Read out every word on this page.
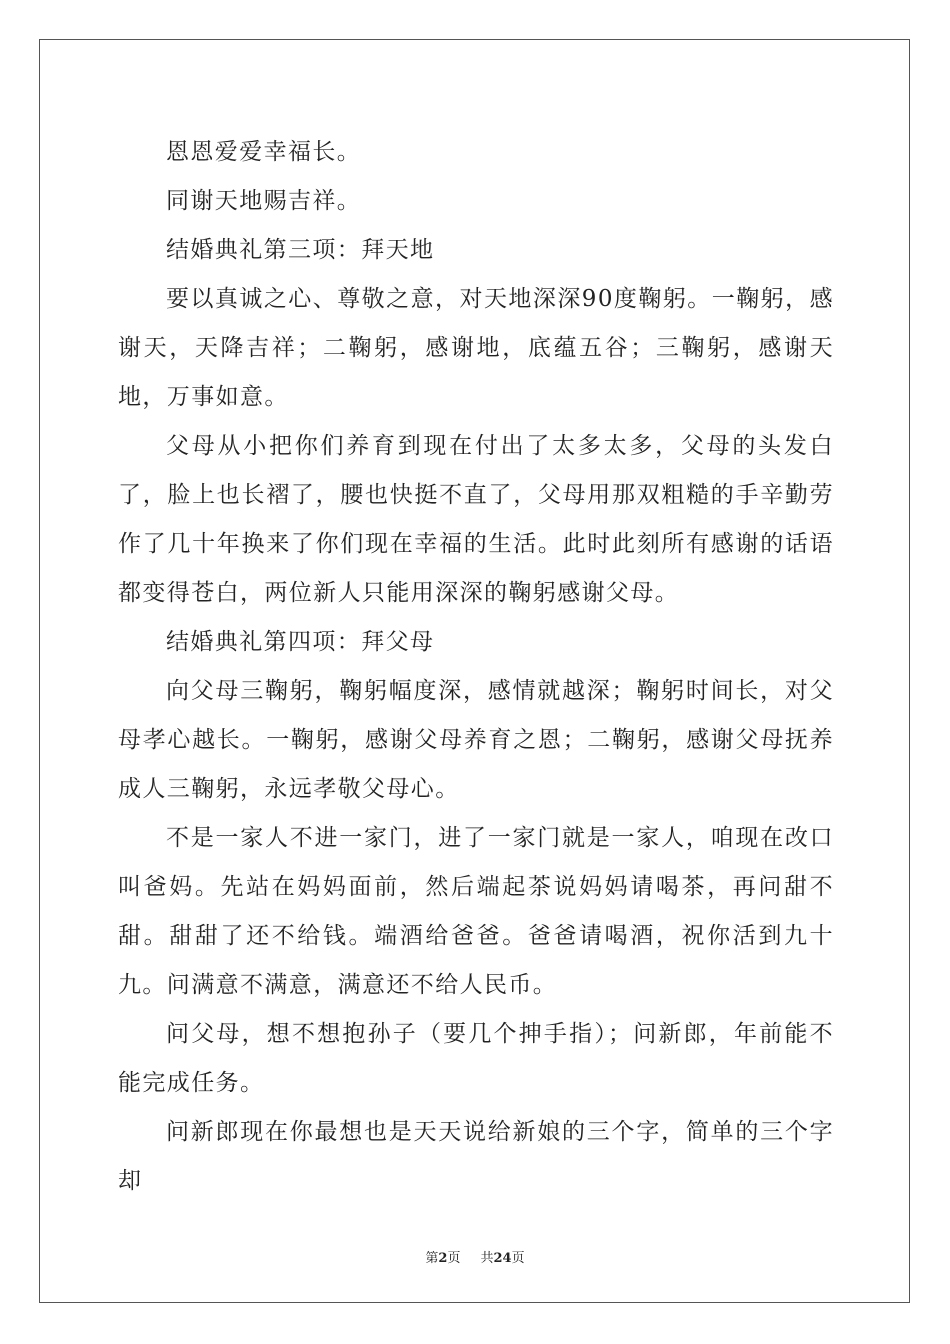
恩恩爱爱幸福长。

同谢天地赐吉祥。

结婚典礼第三项：拜天地

要以真诚之心、尊敬之意，对天地深深90度鞠躬。一鞠躬，感谢天，天降吉祥；二鞠躬，感谢地，底蕴五谷；三鞠躬，感谢天地，万事如意。

父母从小把你们养育到现在付出了太多太多，父母的头发白了，脸上也长褶了，腰也快挺不直了，父母用那双粗糙的手辛勤劳作了几十年换来了你们现在幸福的生活。此时此刻所有感谢的话语都变得苍白，两位新人只能用深深的鞠躬感谢父母。

结婚典礼第四项：拜父母

向父母三鞠躬，鞠躬幅度深，感情就越深；鞠躬时间长，对父母孝心越长。一鞠躬，感谢父母养育之恩；二鞠躬，感谢父母抚养成人三鞠躬，永远孝敬父母心。

不是一家人不进一家门，进了一家门就是一家人，咱现在改口叫爸妈。先站在妈妈面前，然后端起茶说妈妈请喝茶，再问甜不甜。甜甜了还不给钱。端酒给爸爸。爸爸请喝酒，祝你活到九十九。问满意不满意，满意还不给人民币。

问父母，想不想抱孙子（要几个抻手指）；问新郎，年前能不能完成任务。

问新郎现在你最想也是天天说给新娘的三个字，简单的三个字却

第2页 共24页
